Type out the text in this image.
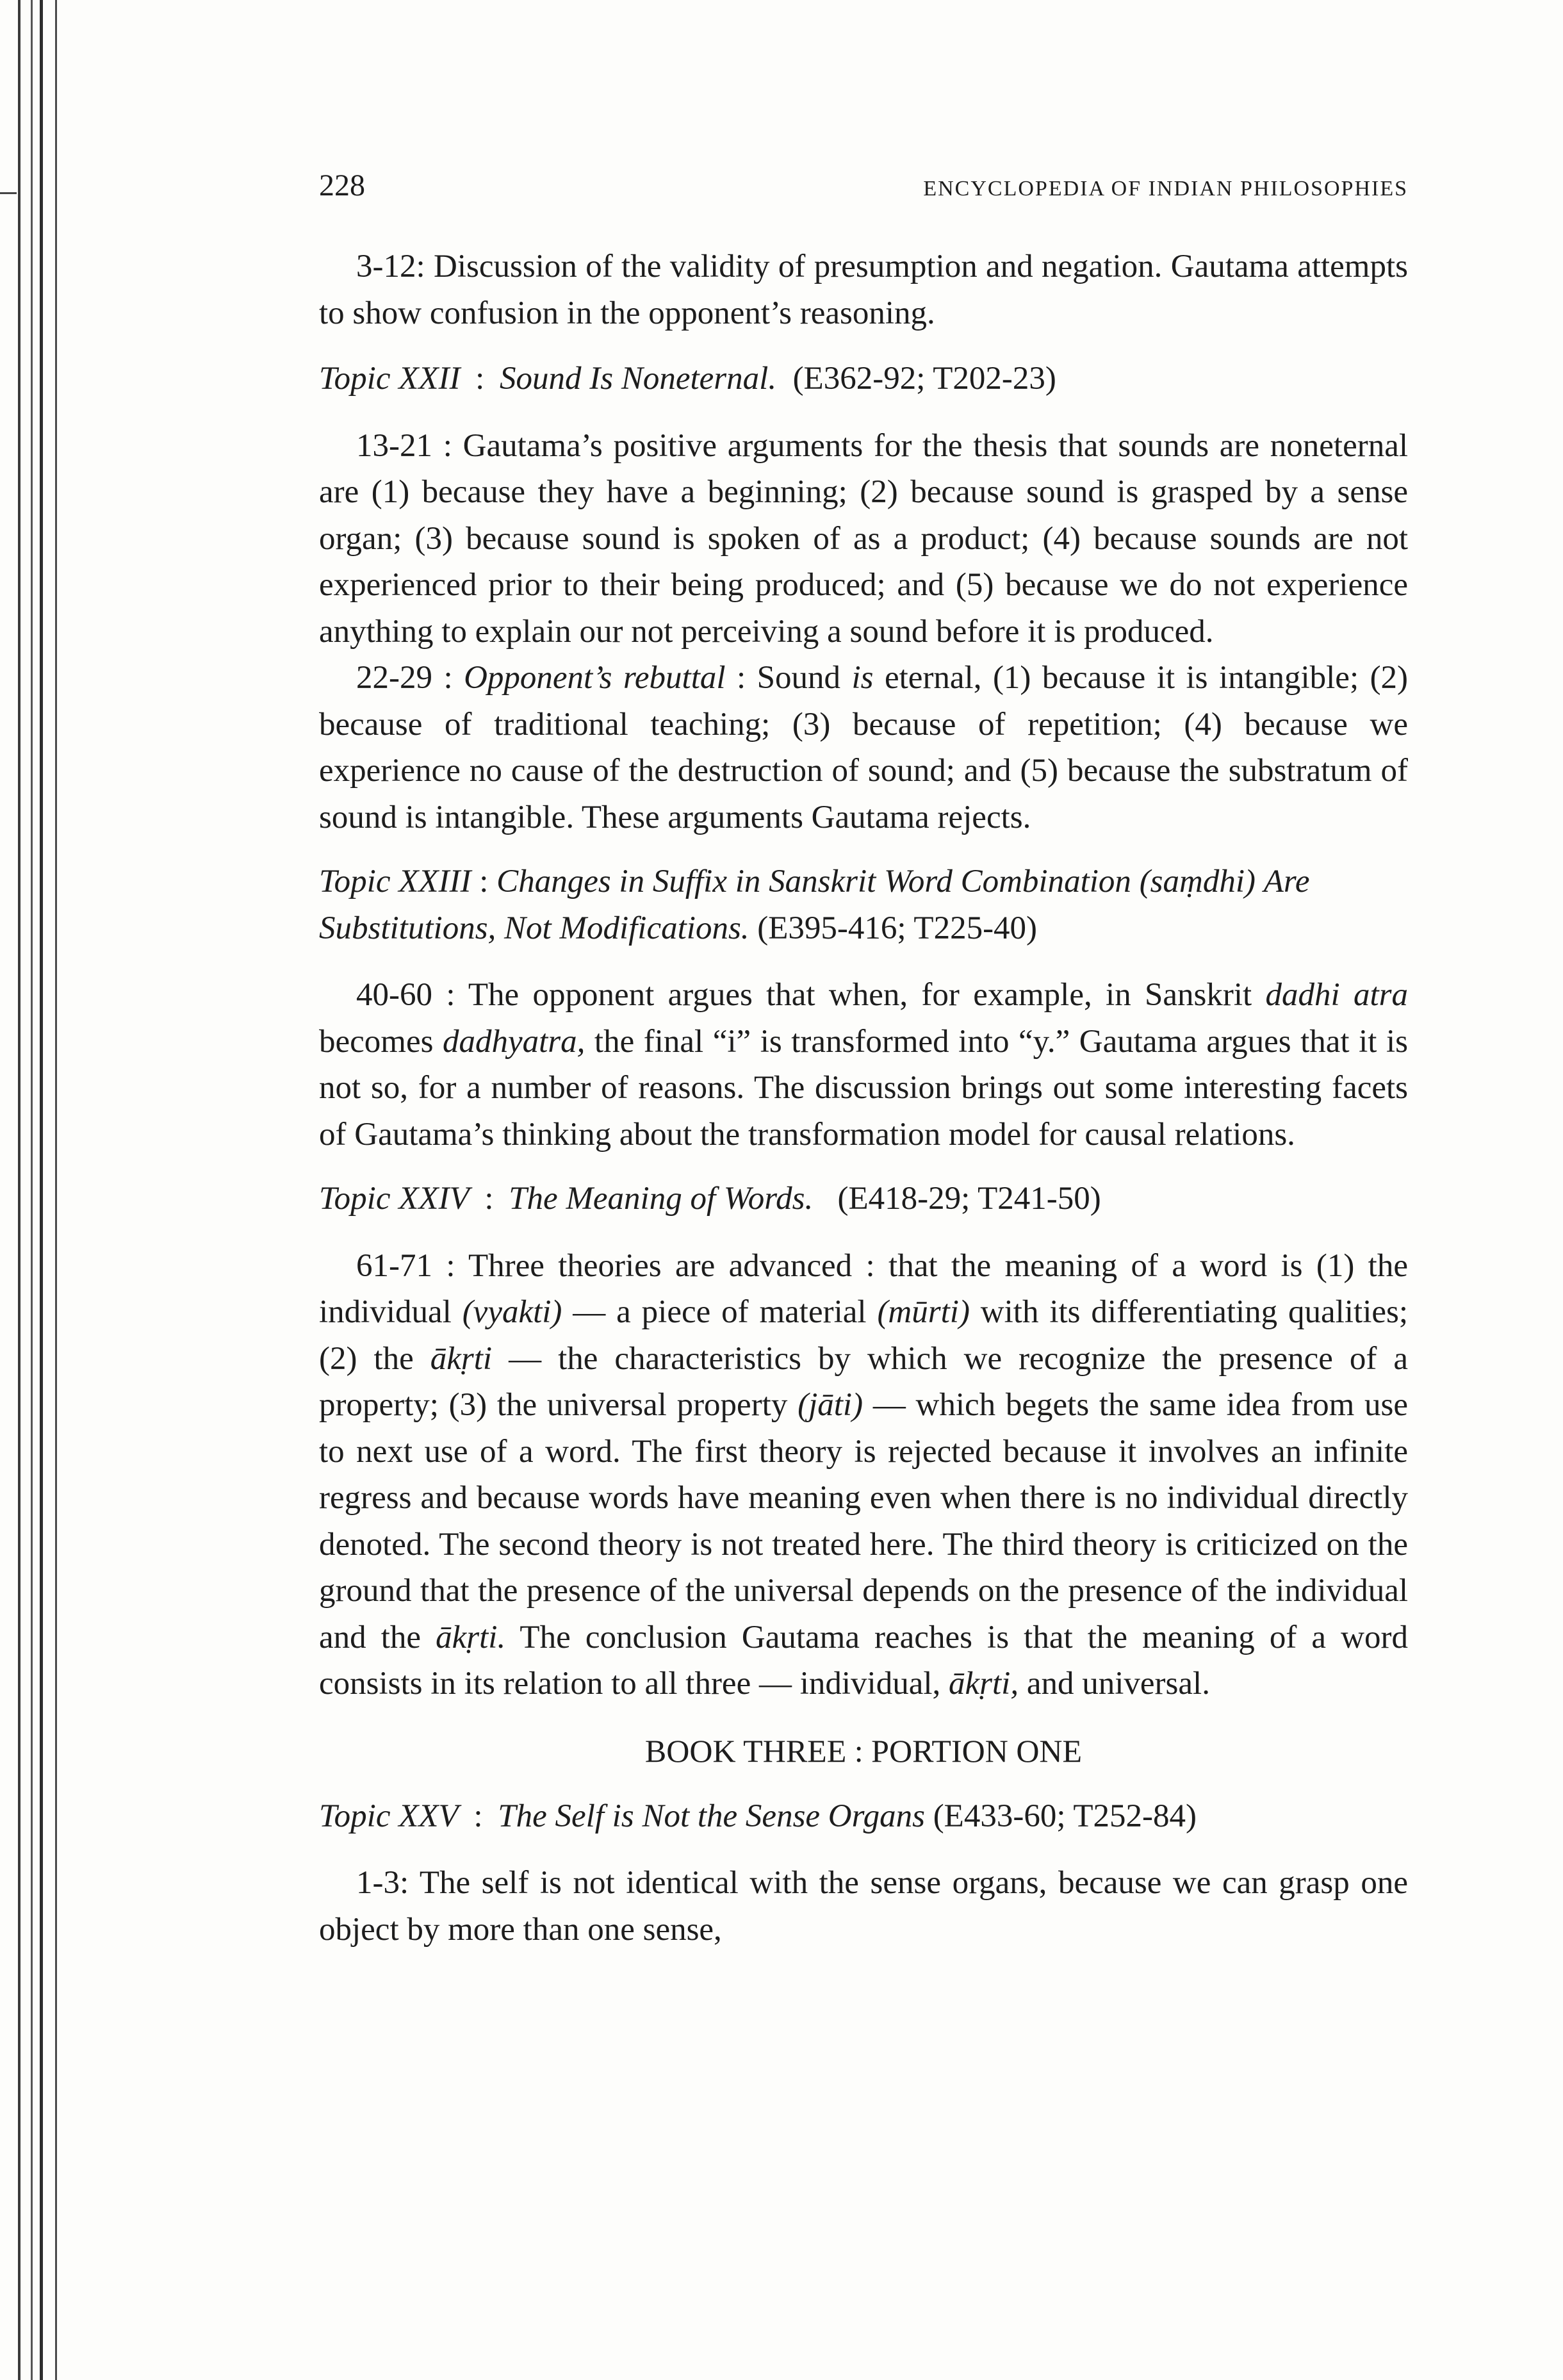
228	ENCYCLOPEDIA OF INDIAN PHILOSOPHIES

3-12: Discussion of the validity of presumption and negation. Gautama attempts to show confusion in the opponent’s reasoning.

Topic XXII : Sound Is Noneternal. (E362-92; T202-23)

13-21 : Gautama’s positive arguments for the thesis that sounds are noneternal are (1) because they have a beginning; (2) because sound is grasped by a sense organ; (3) because sound is spoken of as a product; (4) because sounds are not experienced prior to their being produced; and (5) because we do not experience anything to explain our not perceiving a sound before it is produced.

22-29 : Opponent’s rebuttal : Sound is eternal, (1) because it is intangible; (2) because of traditional teaching; (3) because of repetition; (4) because we experience no cause of the destruction of sound; and (5) because the substratum of sound is intangible. These arguments Gautama rejects.

Topic XXIII : Changes in Suffix in Sanskrit Word Combination (saṃdhi) Are Substitutions, Not Modifications. (E395-416; T225-40)

40-60 : The opponent argues that when, for example, in Sanskrit dadhi atra becomes dadhyatra, the final “i” is transformed into “y.” Gautama argues that it is not so, for a number of reasons. The discussion brings out some interesting facets of Gautama’s thinking about the transformation model for causal relations.

Topic XXIV : The Meaning of Words. (E418-29; T241-50)

61-71 : Three theories are advanced : that the meaning of a word is (1) the individual (vyakti) — a piece of material (mūrti) with its differentiating qualities; (2) the ākṛti — the characteristics by which we recognize the presence of a property; (3) the universal property (jāti) — which begets the same idea from use to next use of a word. The first theory is rejected because it involves an infinite regress and because words have meaning even when there is no individual directly denoted. The second theory is not treated here. The third theory is criticized on the ground that the presence of the universal depends on the presence of the individual and the ākṛti. The conclusion Gautama reaches is that the meaning of a word consists in its relation to all three — individual, ākṛti, and universal.

BOOK THREE : PORTION ONE
Topic XXV : The Self is Not the Sense Organs (E433-60; T252-84)

1-3: The self is not identical with the sense organs, because we can grasp one object by more than one sense,
